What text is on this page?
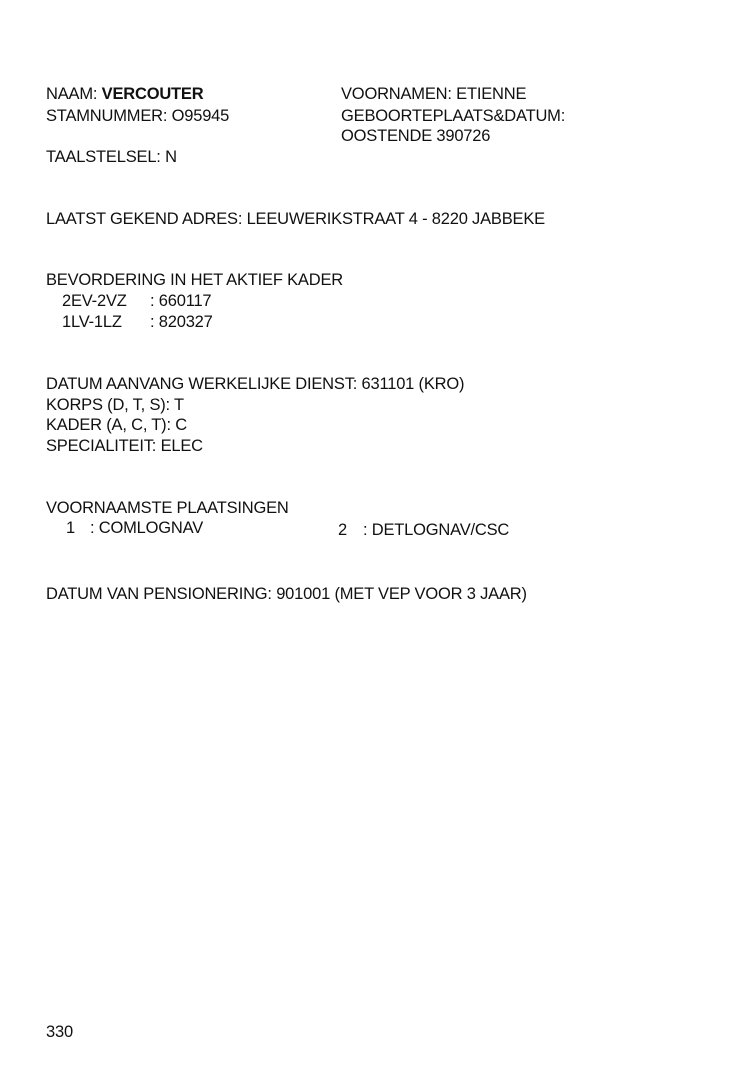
NAAM: VERCOUTER
STAMNUMMER: O95945
TAALSTELSEL: N
VOORNAMEN: ETIENNE
GEBOORTEPLAATS&DATUM:
OOSTENDE 390726
LAATST GEKEND ADRES: LEEUWERIKSTRAAT 4 - 8220 JABBEKE
BEVORDERING IN HET AKTIEF KADER
2EV-2VZ : 660117
1LV-1LZ : 820327
DATUM AANVANG WERKELIJKE DIENST: 631101 (KRO)
KORPS (D, T, S): T
KADER (A, C, T): C
SPECIALITEIT: ELEC
VOORNAAMSTE PLAATSINGEN
1 : COMLOGNAV	2 : DETLOGNAV/CSC
DATUM VAN PENSIONERING: 901001 (MET VEP VOOR 3 JAAR)
330
